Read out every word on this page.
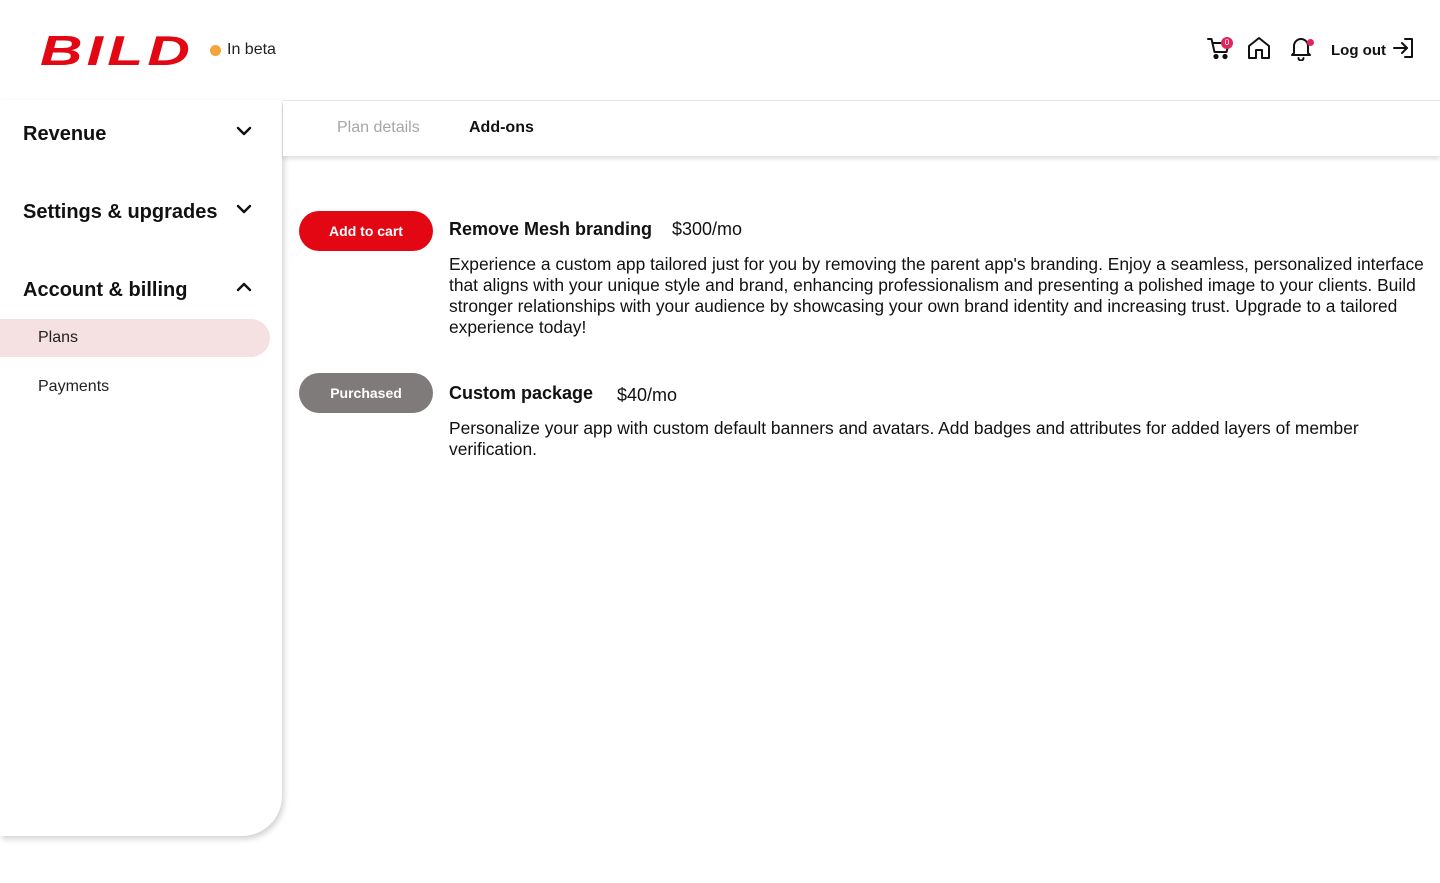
BILD In beta	0	Log out
Revenue
Settings & upgrades
Account & billing
Plans
Payments
Plan details	Add-ons
Add to cart	Remove Mesh branding $300/mo
Experience a custom app tailored just for you by removing the parent app's branding. Enjoy a seamless, personalized interface that aligns with your unique style and brand, enhancing professionalism and presenting a polished image to your clients. Build stronger relationships with your audience by showcasing your own brand identity and increasing trust. Upgrade to a tailored experience today!
Purchased	Custom package $40/mo
Personalize your app with custom default banners and avatars. Add badges and attributes for added layers of member verification.
